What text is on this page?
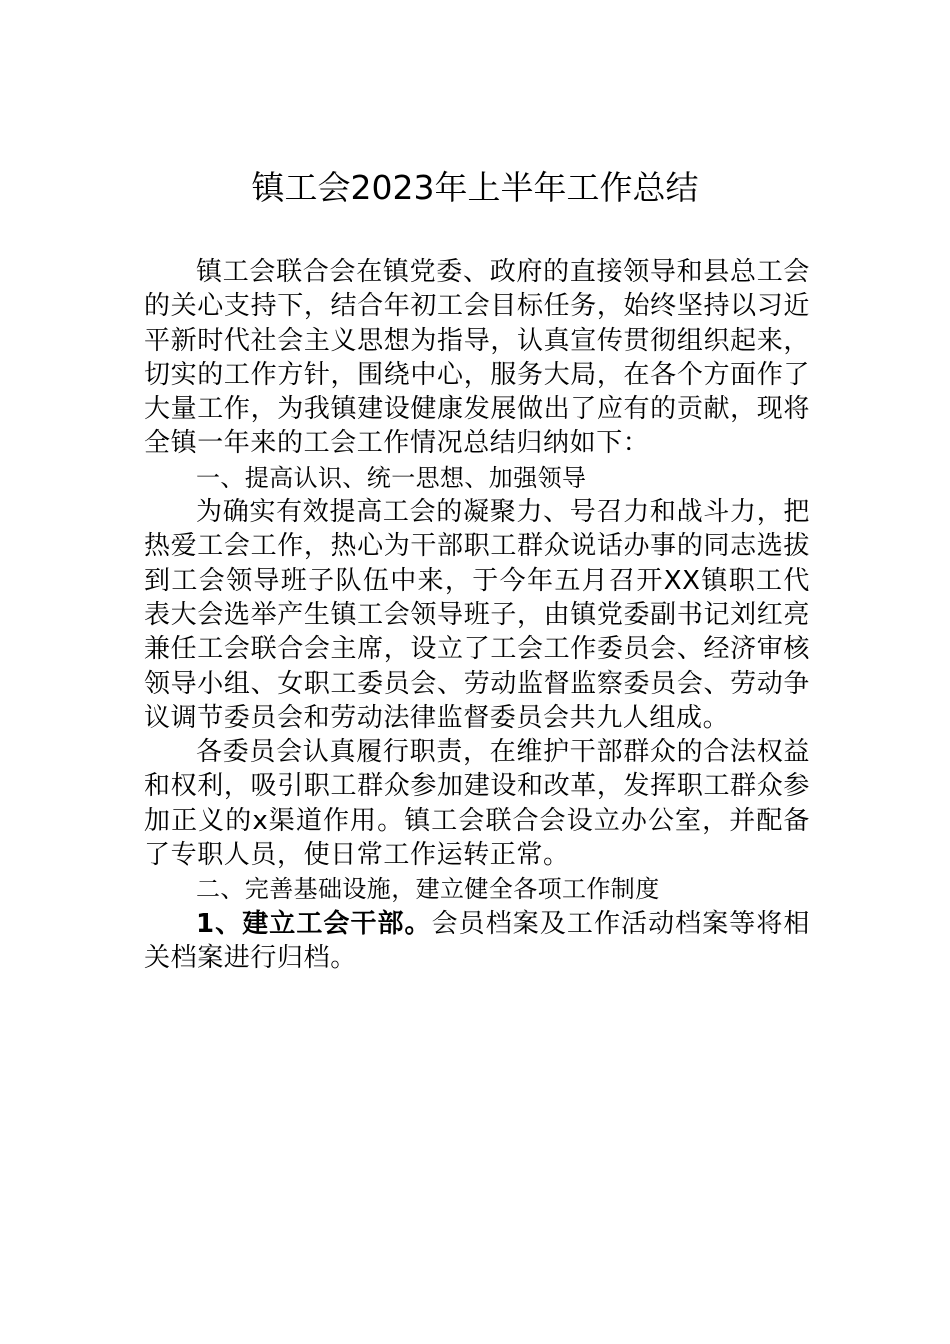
镇工会2023年上半年工作总结

镇工会联合会在镇党委、政府的直接领导和县总工会的关心支持下，结合年初工会目标任务，始终坚持以习近平新时代社会主义思想为指导，认真宣传贯彻组织起来，切实的工作方针，围绕中心，服务大局，在各个方面作了大量工作，为我镇建设健康发展做出了应有的贡献，现将全镇一年来的工会工作情况总结归纳如下：

一、提高认识、统一思想、加强领导

为确实有效提高工会的凝聚力、号召力和战斗力，把热爱工会工作，热心为干部职工群众说话办事的同志选拔到工会领导班子队伍中来，于今年五月召开XX镇职工代表大会选举产生镇工会领导班子，由镇党委副书记刘红亮兼任工会联合会主席，设立了工会工作委员会、经济审核领导小组、女职工委员会、劳动监督监察委员会、劳动争议调节委员会和劳动法律监督委员会共九人组成。

各委员会认真履行职责，在维护干部群众的合法权益和权利，吸引职工群众参加建设和改革，发挥职工群众参加正义的x渠道作用。镇工会联合会设立办公室，并配备了专职人员，使日常工作运转正常。

二、完善基础设施，建立健全各项工作制度

1、建立工会干部。会员档案及工作活动档案等将相关档案进行归档。
